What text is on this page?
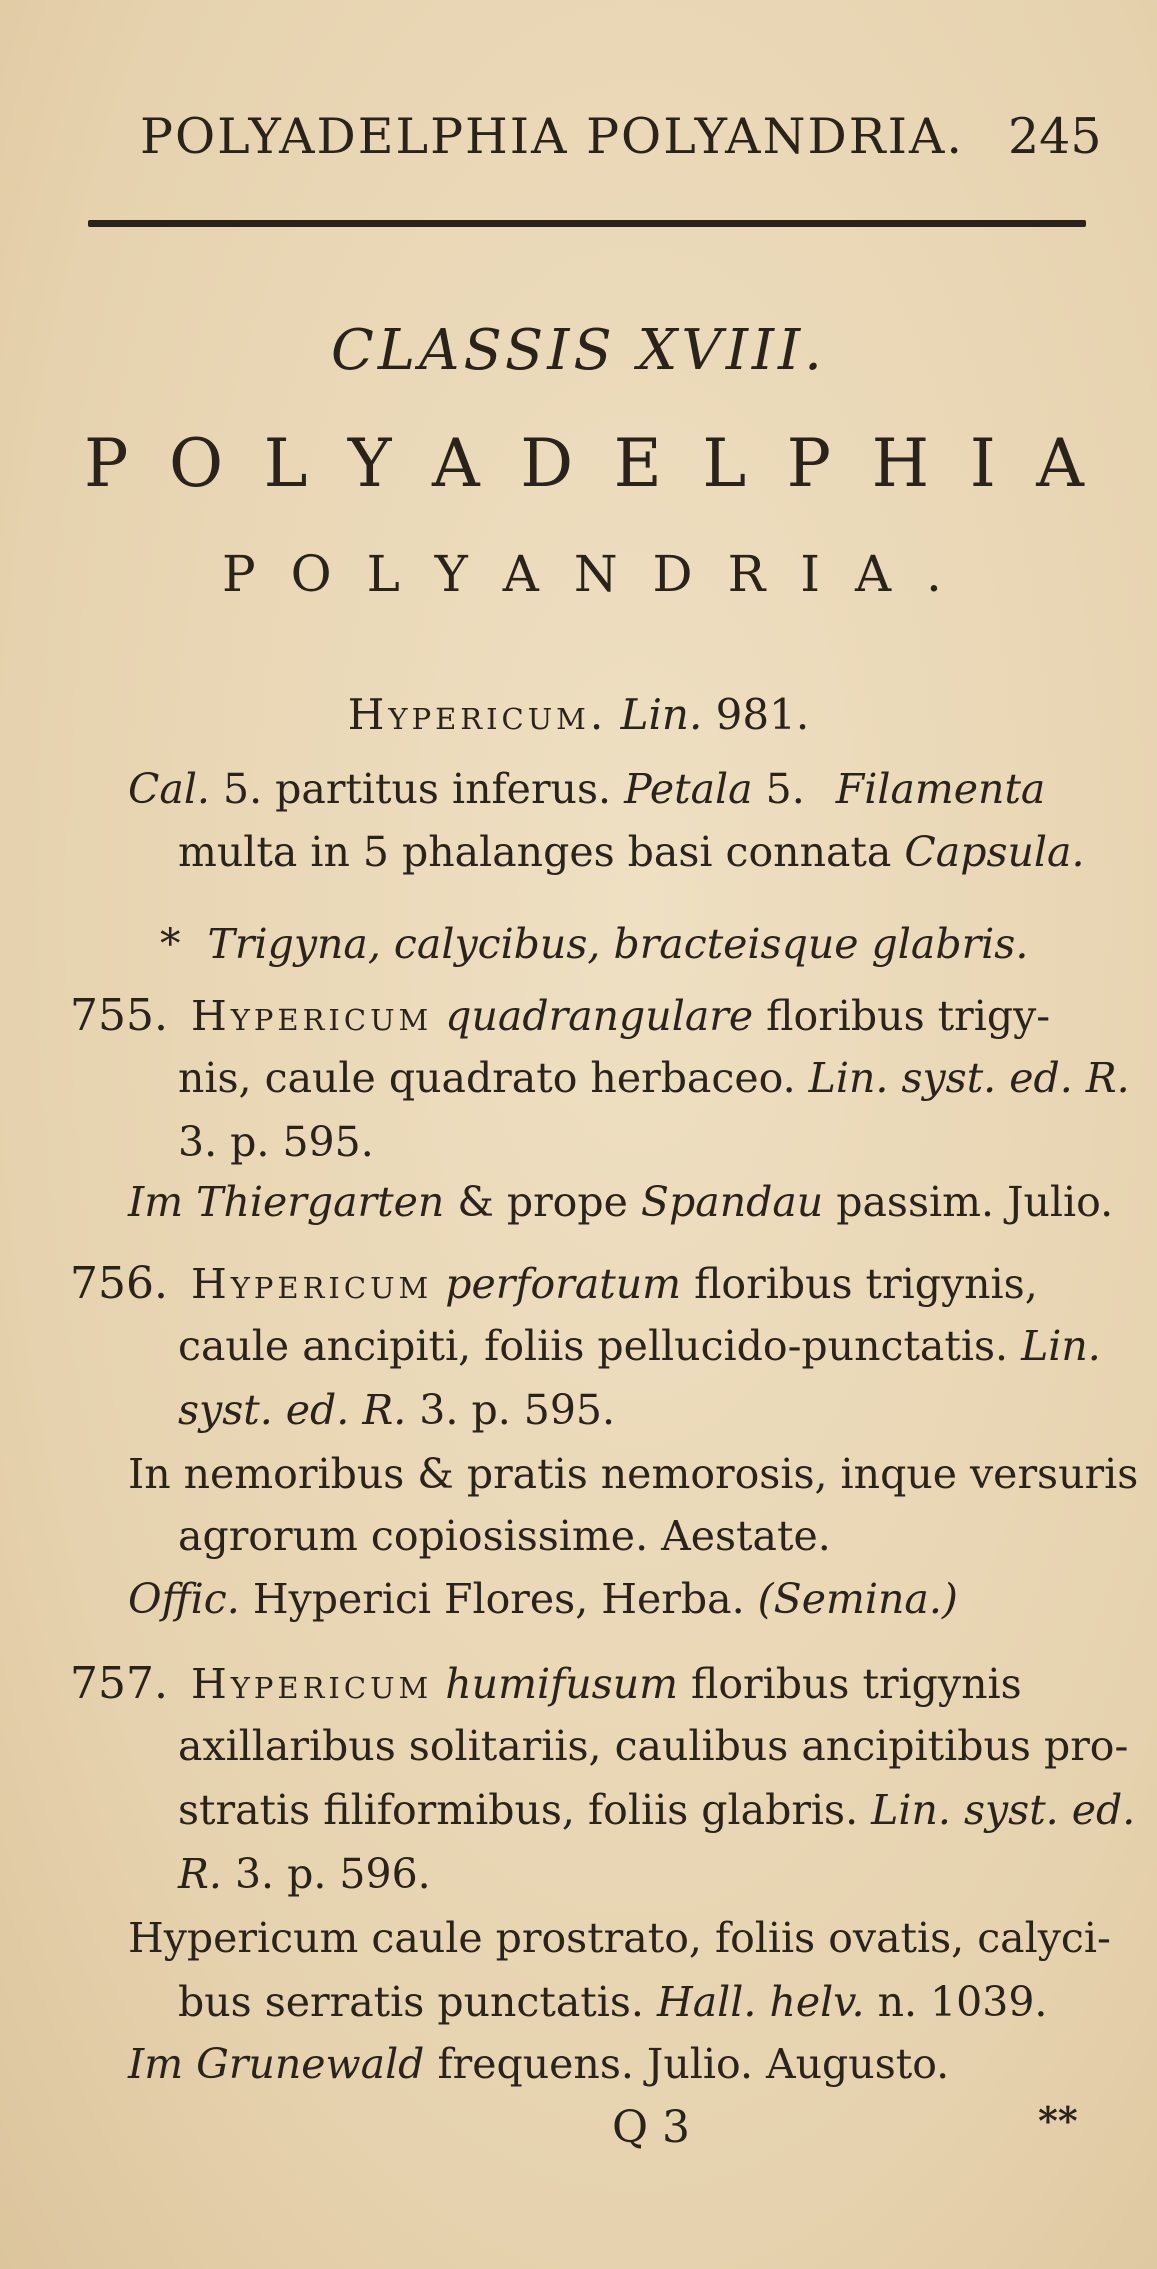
POLYADELPHIA POLYANDRIA. 245
CLASSIS XVIII.
P O L Y A D E L P H I A
P O L Y A N D R I A .
Hypericum. Lin. 981.
Cal. 5. partitus inferus. Petala 5. Filamenta
multa in 5 phalanges basi connata Capsula.
* Trigyna, calycibus, bracteisque glabris.
755. Hypericum quadrangulare floribus trigy-
nis, caule quadrato herbaceo. Lin. syst. ed. R.
3. p. 595.
Im Thiergarten & prope Spandau passim. Julio.
756. Hypericum perforatum floribus trigynis,
caule ancipiti, foliis pellucido-punctatis. Lin.
syst. ed. R. 3. p. 595.
In nemoribus & pratis nemorosis, inque versuris
agrorum copiosissime. Aestate.
Offic. Hyperici Flores, Herba. (Semina.)
757. Hypericum humifusum floribus trigynis
axillaribus solitariis, caulibus ancipitibus pro-
stratis filiformibus, foliis glabris. Lin. syst. ed.
R. 3. p. 596.
Hypericum caule prostrato, foliis ovatis, calyci-
bus serratis punctatis. Hall. helv. n. 1039.
Im Grunewald frequens. Julio. Augusto.
Q 3	**
